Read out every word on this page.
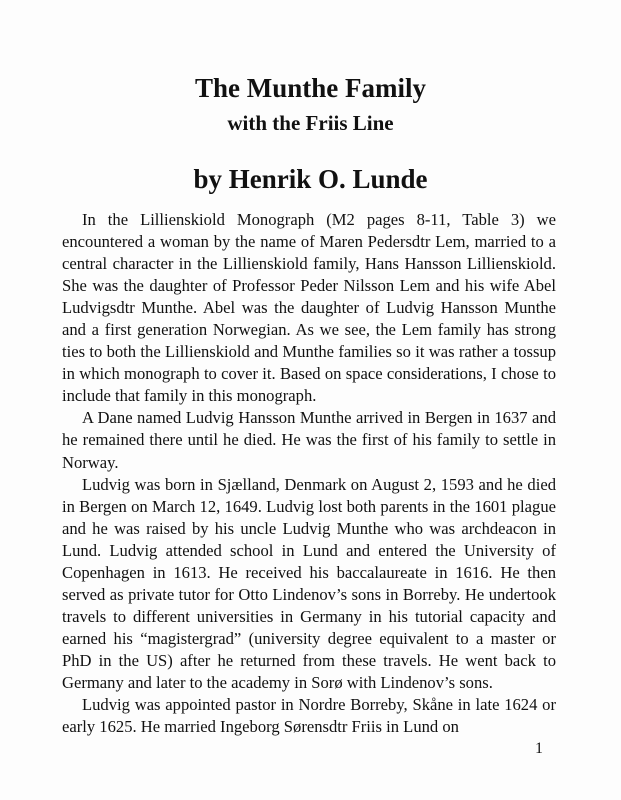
The Munthe Family
with the Friis Line
by Henrik O. Lunde

In the Lillienskiold Monograph (M2 pages 8-11, Table 3) we encountered a woman by the name of Maren Pedersdtr Lem, married to a central character in the Lillienskiold family, Hans Hansson Lillienskiold. She was the daughter of Professor Peder Nilsson Lem and his wife Abel Ludvigsdtr Munthe. Abel was the daughter of Ludvig Hansson Munthe and a first generation Norwegian. As we see, the Lem family has strong ties to both the Lillienskiold and Munthe families so it was rather a tossup in which monograph to cover it. Based on space considerations, I chose to include that family in this monograph.

A Dane named Ludvig Hansson Munthe arrived in Bergen in 1637 and he remained there until he died. He was the first of his family to settle in Norway.

Ludvig was born in Sjælland, Denmark on August 2, 1593 and he died in Bergen on March 12, 1649. Ludvig lost both parents in the 1601 plague and he was raised by his uncle Ludvig Munthe who was archdeacon in Lund. Ludvig attended school in Lund and entered the University of Copenhagen in 1613. He received his baccalaureate in 1616. He then served as private tutor for Otto Lindenov’s sons in Borreby. He undertook travels to different universities in Germany in his tutorial capacity and earned his “magistergrad” (university degree equivalent to a master or PhD in the US) after he returned from these travels. He went back to Germany and later to the academy in Sorø with Lindenov’s sons.

Ludvig was appointed pastor in Nordre Borreby, Skåne in late 1624 or early 1625. He married Ingeborg Sørensdtr Friis in Lund on

1
